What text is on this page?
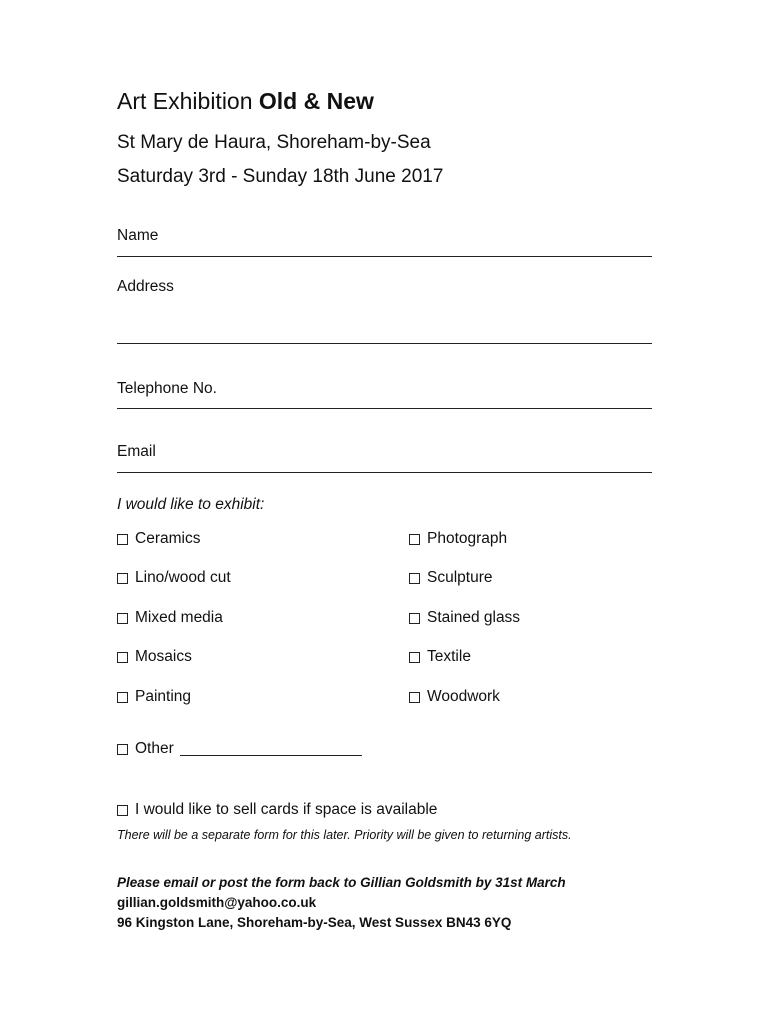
Art Exhibition Old & New
St Mary de Haura, Shoreham-by-Sea
Saturday 3rd - Sunday 18th June 2017
Name
Address
Telephone No.
Email
I would like to exhibit:
Ceramics
Lino/wood cut
Mixed media
Mosaics
Painting
Photograph
Sculpture
Stained glass
Textile
Woodwork
Other
I would like to sell cards if space is available
There will be a separate form for this later. Priority will be given to returning artists.
Please email or post the form back to Gillian Goldsmith by 31st March
gillian.goldsmith@yahoo.co.uk
96 Kingston Lane, Shoreham-by-Sea, West Sussex BN43 6YQ
